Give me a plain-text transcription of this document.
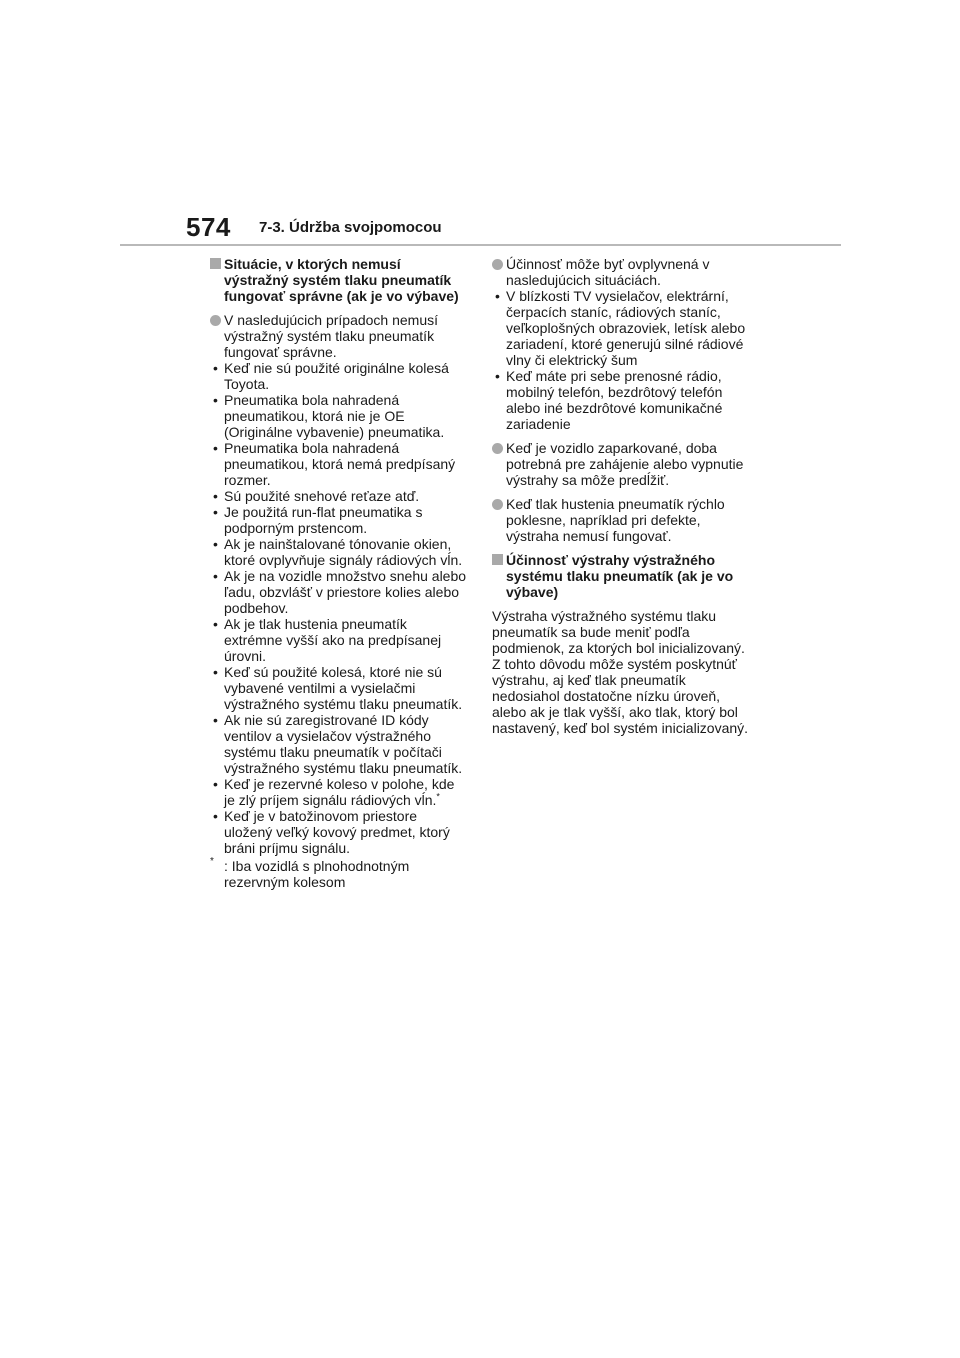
574 7-3. Údržba svojpomocou
Situácie, v ktorých nemusí výstražný systém tlaku pneumatík fungovať správne (ak je vo výbave)
V nasledujúcich prípadoch nemusí výstražný systém tlaku pneumatík fungovať správne.
• Keď nie sú použité originálne kolesá Toyota.
• Pneumatika bola nahradená pneumatikou, ktorá nie je OE (Originálne vybavenie) pneumatika.
• Pneumatika bola nahradená pneumatikou, ktorá nemá predpísaný rozmer.
• Sú použité snehové reťaze atď.
• Je použitá run-flat pneumatika s podporným prstencom.
• Ak je nainštalované tónovanie okien, ktoré ovplyvňuje signály rádiových vĺn.
• Ak je na vozidle množstvo snehu alebo ľadu, obzvlášť v priestore kolies alebo podbehov.
• Ak je tlak hustenia pneumatík extrémne vyšší ako na predpísanej úrovni.
• Keď sú použité kolesá, ktoré nie sú vybavené ventilmi a vysielačmi výstražného systému tlaku pneumatík.
• Ak nie sú zaregistrované ID kódy ventilov a vysielačov výstražného systému tlaku pneumatík v počítači výstražného systému tlaku pneumatík.
• Keď je rezervné koleso v polohe, kde je zlý príjem signálu rádiových vĺn.*
• Keď je v batožinovom priestore uložený veľký kovový predmet, ktorý bráni príjmu signálu.
* : Iba vozidlá s plnohodnotným rezervným kolesom
Účinnosť môže byť ovplyvnená v nasledujúcich situáciách.
• V blízkosti TV vysielačov, elektrární, čerpacích staníc, rádiových staníc, veľkoplošných obrazoviek, letísk alebo zariadení, ktoré generujú silné rádiové vlny či elektrický šum
• Keď máte pri sebe prenosné rádio, mobilný telefón, bezdrôtový telefón alebo iné bezdrôtové komunikačné zariadenie
Keď je vozidlo zaparkované, doba potrebná pre zahájenie alebo vypnutie výstrahy sa môže predĺžiť.
Keď tlak hustenia pneumatík rýchlo poklesne, napríklad pri defekte, výstraha nemusí fungovať.
Účinnosť výstrahy výstražného systému tlaku pneumatík (ak je vo výbave)

Výstraha výstražného systému tlaku pneumatík sa bude meniť podľa podmienok, za ktorých bol inicializovaný.

Z tohto dôvodu môže systém poskytnúť výstrahu, aj keď tlak pneumatík nedosiahol dostatočne nízku úroveň, alebo ak je tlak vyšší, ako tlak, ktorý bol nastavený, keď bol systém inicializovaný.
